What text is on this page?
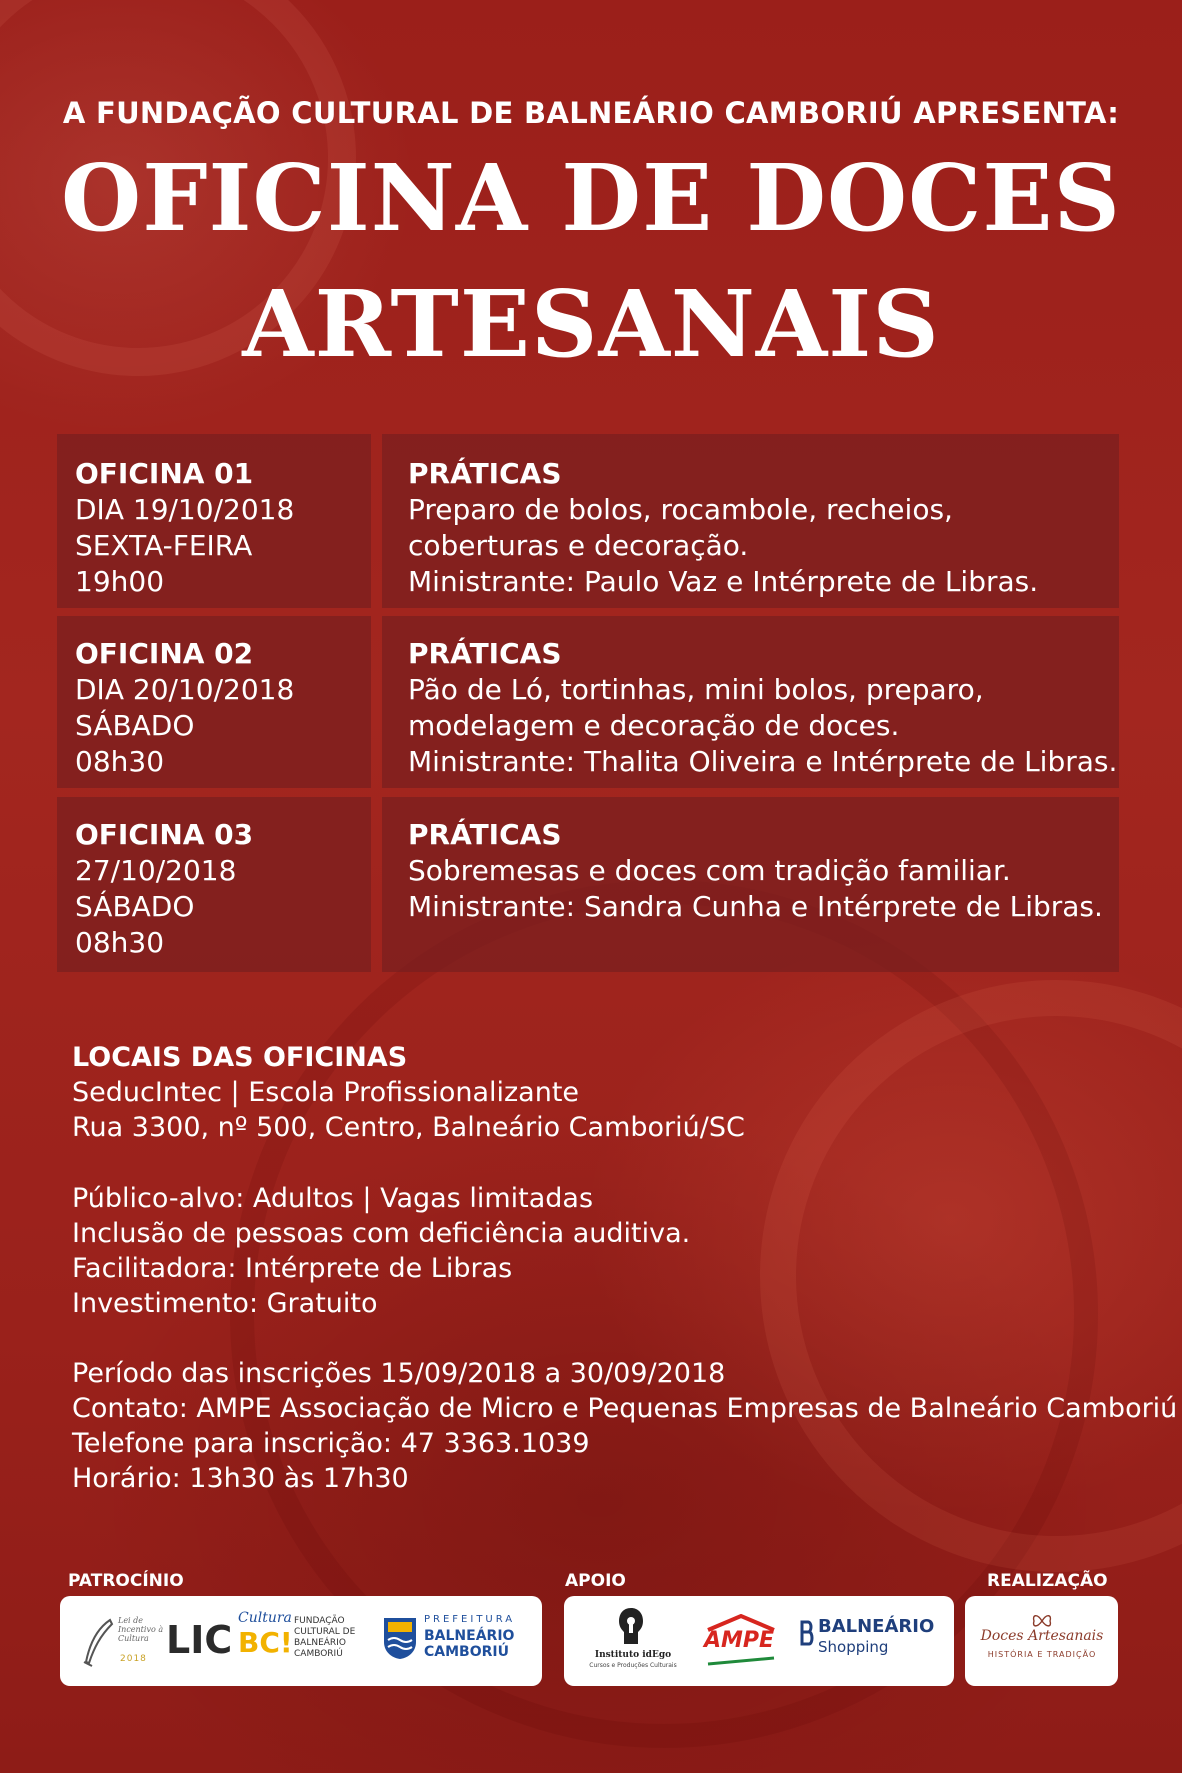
A FUNDAÇÃO CULTURAL DE BALNEÁRIO CAMBORIÚ APRESENTA:
OFICINA DE DOCES
ARTESANAIS
OFICINA 01
DIA 19/10/2018
SEXTA-FEIRA
19h00
PRÁTICAS
Preparo de bolos, rocambole, recheios,
coberturas e decoração.
Ministrante: Paulo Vaz e Intérprete de Libras.
OFICINA 02
DIA 20/10/2018
SÁBADO
08h30
PRÁTICAS
Pão de Ló, tortinhas, mini bolos, preparo,
modelagem e decoração de doces.
Ministrante: Thalita Oliveira e Intérprete de Libras.
OFICINA 03
27/10/2018
SÁBADO
08h30
PRÁTICAS
Sobremesas e doces com tradição familiar.
Ministrante: Sandra Cunha e Intérprete de Libras.
LOCAIS DAS OFICINAS
SeducIntec | Escola Profissionalizante
Rua 3300, nº 500, Centro, Balneário Camboriú/SC
Público-alvo: Adultos | Vagas limitadas
Inclusão de pessoas com deficiência auditiva.
Facilitadora: Intérprete de Libras
Investimento: Gratuito
Período das inscrições 15/09/2018 a 30/09/2018
Contato: AMPE Associação de Micro e Pequenas Empresas de Balneário Camboriú
Telefone para inscrição: 47 3363.1039
Horário: 13h30 às 17h30
PATROCÍNIO	APOIO	REALIZAÇÃO
Lei de Incentivo à Cultura
2018 LIC Cultura
BC!
FUNDAÇÃO
CULTURAL DE
BALNEÁRIO
CAMBORIÚ
PREFEITURA
BALNEÁRIO
CAMBORIÚ	Instituto idEgo
Cursos e Produções Culturais
AMPE
BALNEÁRIO
Shopping
Doces Artesanais
HISTÓRIA E TRADIÇÃO
